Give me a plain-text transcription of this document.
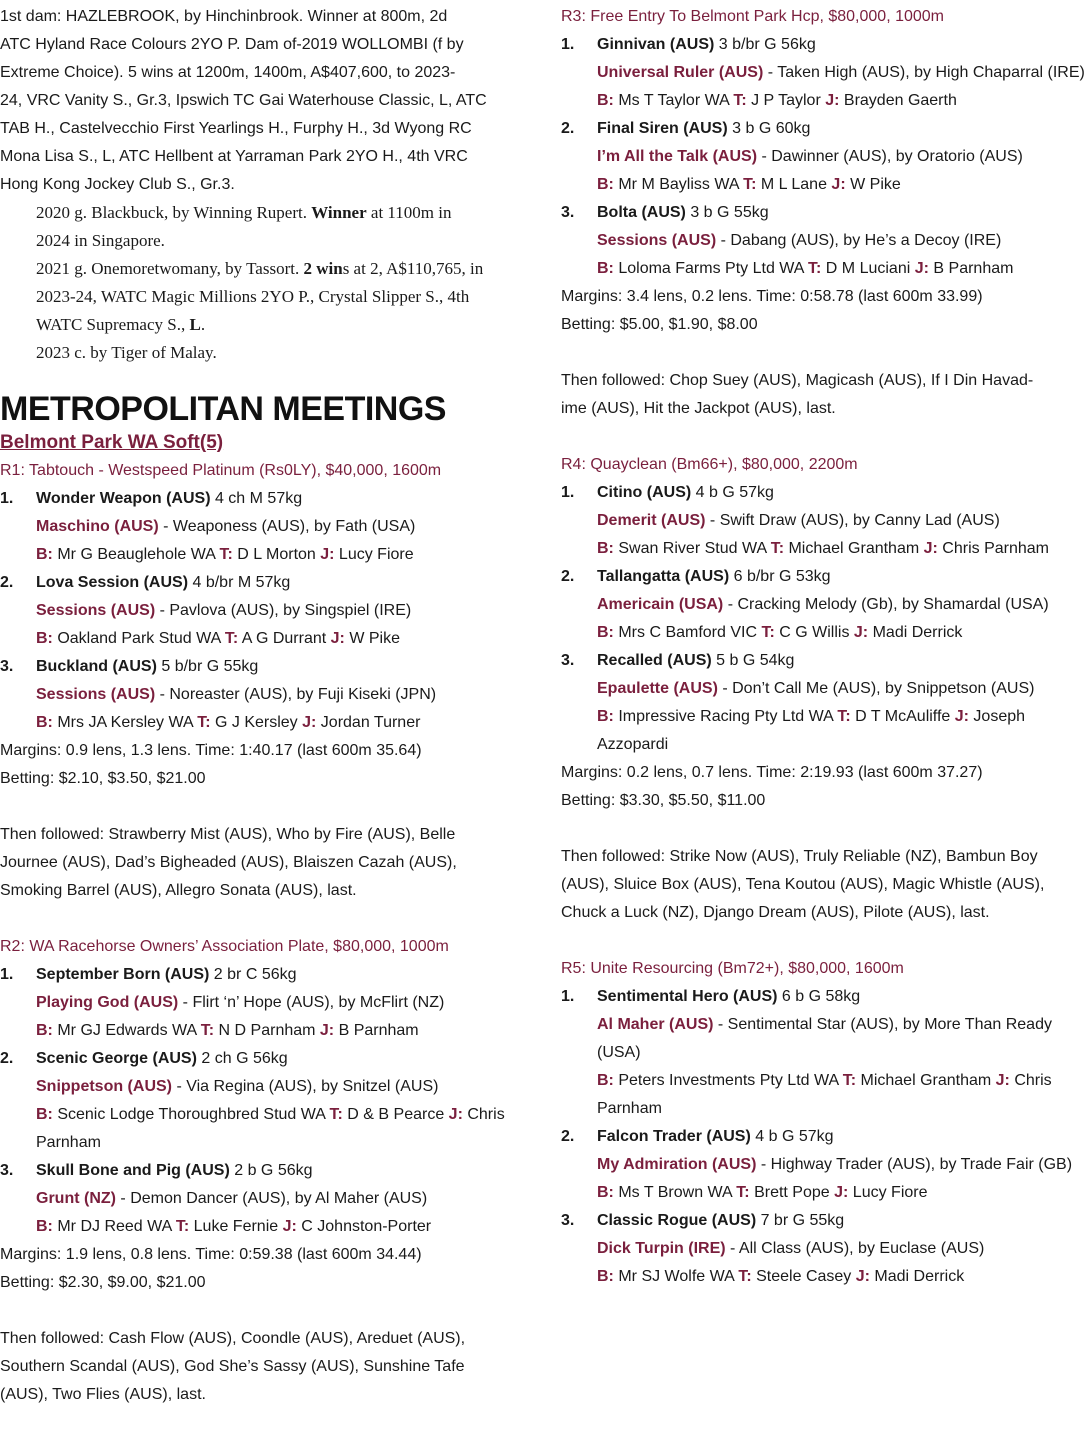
1st dam: HAZLEBROOK, by Hinchinbrook. Winner at 800m, 2d

ATC Hyland Race Colours 2YO P. Dam of-2019 WOLLOMBI (f by

Extreme Choice). 5 wins at 1200m, 1400m, A$407,600, to 2023-

24, VRC Vanity S., Gr.3, Ipswich TC Gai Waterhouse Classic, L, ATC

TAB H., Castelvecchio First Yearlings H., Furphy H., 3d Wyong RC

Mona Lisa S., L, ATC Hellbent at Yarraman Park 2YO H., 4th VRC

Hong Kong Jockey Club S., Gr.3.

2020 g. Blackbuck, by Winning Rupert. Winner at 1100m in

2024 in Singapore.

2021 g. Onemoretwomany, by Tassort. 2 wins at 2, A$110,765, in

2023-24, WATC Magic Millions 2YO P., Crystal Slipper S., 4th

WATC Supremacy S., L.

2023 c. by Tiger of Malay.

METROPOLITAN MEETINGS
Belmont Park WA Soft(5)
R1: Tabtouch - Westspeed Platinum (Rs0LY), $40,000, 1600m
1. Wonder Weapon (AUS) 4 ch M 57kg
Maschino (AUS) - Weaponess (AUS), by Fath (USA)
B: Mr G Beauglehole WA T: D L Morton J: Lucy Fiore
2. Lova Session (AUS) 4 b/br M 57kg
Sessions (AUS) - Pavlova (AUS), by Singspiel (IRE)
B: Oakland Park Stud WA T: A G Durrant J: W Pike
3. Buckland (AUS) 5 b/br G 55kg
Sessions (AUS) - Noreaster (AUS), by Fuji Kiseki (JPN)
B: Mrs JA Kersley WA T: G J Kersley J: Jordan Turner
Margins: 0.9 lens, 1.3 lens. Time: 1:40.17 (last 600m 35.64)
Betting: $2.10, $3.50, $21.00
Then followed: Strawberry Mist (AUS), Who by Fire (AUS), Belle
Journee (AUS), Dad’s Bigheaded (AUS), Blaiszen Cazah (AUS),
Smoking Barrel (AUS), Allegro Sonata (AUS), last.
R2: WA Racehorse Owners’ Association Plate, $80,000, 1000m
1. September Born (AUS) 2 br C 56kg
Playing God (AUS) - Flirt ‘n’ Hope (AUS), by McFlirt (NZ)
B: Mr GJ Edwards WA T: N D Parnham J: B Parnham
2. Scenic George (AUS) 2 ch G 56kg
Snippetson (AUS) - Via Regina (AUS), by Snitzel (AUS)
B: Scenic Lodge Thoroughbred Stud WA T: D & B Pearce J: Chris Parnham
3. Skull Bone and Pig (AUS) 2 b G 56kg
Grunt (NZ) - Demon Dancer (AUS), by Al Maher (AUS)
B: Mr DJ Reed WA T: Luke Fernie J: C Johnston-Porter
Margins: 1.9 lens, 0.8 lens. Time: 0:59.38 (last 600m 34.44)
Betting: $2.30, $9.00, $21.00
Then followed: Cash Flow (AUS), Coondle (AUS), Areduet (AUS),
Southern Scandal (AUS), God She’s Sassy (AUS), Sunshine Tafe
(AUS), Two Flies (AUS), last.
R3: Free Entry To Belmont Park Hcp, $80,000, 1000m
1. Ginnivan (AUS) 3 b/br G 56kg
Universal Ruler (AUS) - Taken High (AUS), by High Chaparral (IRE)
B: Ms T Taylor WA T: J P Taylor J: Brayden Gaerth
2. Final Siren (AUS) 3 b G 60kg
I’m All the Talk (AUS) - Dawinner (AUS), by Oratorio (AUS)
B: Mr M Bayliss WA T: M L Lane J: W Pike
3. Bolta (AUS) 3 b G 55kg
Sessions (AUS) - Dabang (AUS), by He’s a Decoy (IRE)
B: Loloma Farms Pty Ltd WA T: D M Luciani J: B Parnham
Margins: 3.4 lens, 0.2 lens. Time: 0:58.78 (last 600m 33.99)
Betting: $5.00, $1.90, $8.00
Then followed: Chop Suey (AUS), Magicash (AUS), If I Din Havad-
ime (AUS), Hit the Jackpot (AUS), last.
R4: Quayclean (Bm66+), $80,000, 2200m
1. Citino (AUS) 4 b G 57kg
Demerit (AUS) - Swift Draw (AUS), by Canny Lad (AUS)
B: Swan River Stud WA T: Michael Grantham J: Chris Parnham
2. Tallangatta (AUS) 6 b/br G 53kg
Americain (USA) - Cracking Melody (Gb), by Shamardal (USA)
B: Mrs C Bamford VIC T: C G Willis J: Madi Derrick
3. Recalled (AUS) 5 b G 54kg
Epaulette (AUS) - Don’t Call Me (AUS), by Snippetson (AUS)
B: Impressive Racing Pty Ltd WA T: D T McAuliffe J: Joseph Azzopardi
Margins: 0.2 lens, 0.7 lens. Time: 2:19.93 (last 600m 37.27)
Betting: $3.30, $5.50, $11.00
Then followed: Strike Now (AUS), Truly Reliable (NZ), Bambun Boy
(AUS), Sluice Box (AUS), Tena Koutou (AUS), Magic Whistle (AUS),
Chuck a Luck (NZ), Django Dream (AUS), Pilote (AUS), last.
R5: Unite Resourcing (Bm72+), $80,000, 1600m
1. Sentimental Hero (AUS) 6 b G 58kg
Al Maher (AUS) - Sentimental Star (AUS), by More Than Ready (USA)
B: Peters Investments Pty Ltd WA T: Michael Grantham J: Chris Parnham
2. Falcon Trader (AUS) 4 b G 57kg
My Admiration (AUS) - Highway Trader (AUS), by Trade Fair (GB)
B: Ms T Brown WA T: Brett Pope J: Lucy Fiore
3. Classic Rogue (AUS) 7 br G 55kg
Dick Turpin (IRE) - All Class (AUS), by Euclase (AUS)
B: Mr SJ Wolfe WA T: Steele Casey J: Madi Derrick
